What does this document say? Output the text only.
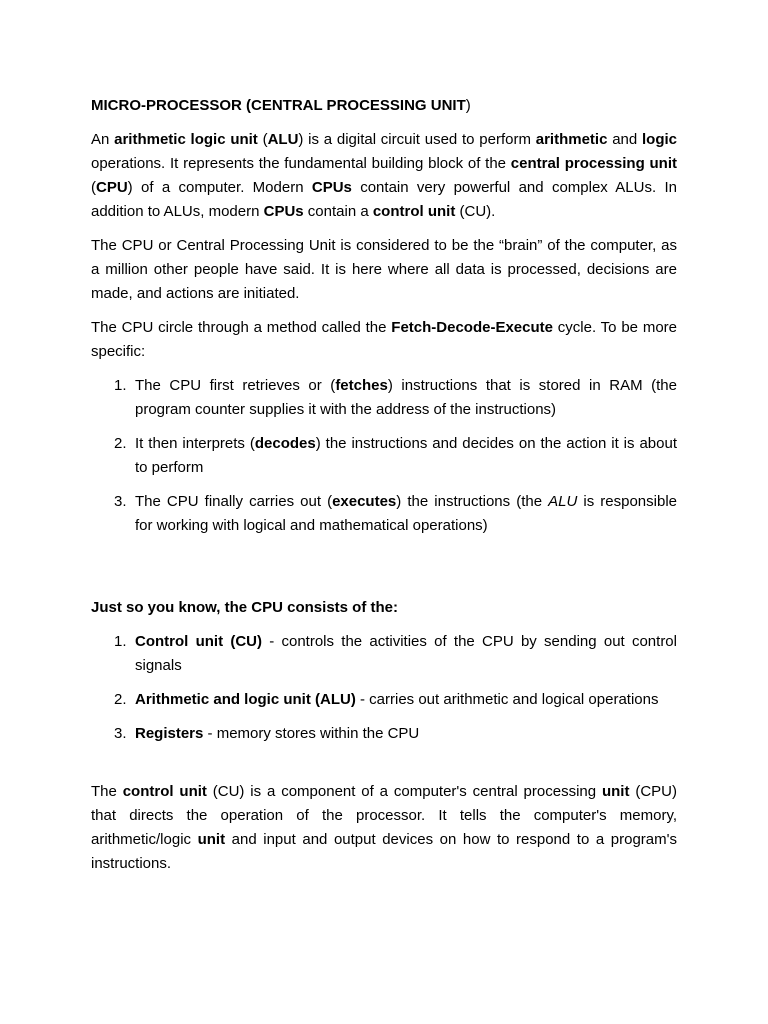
MICRO-PROCESSOR (CENTRAL PROCESSING UNIT)

An arithmetic logic unit (ALU) is a digital circuit used to perform arithmetic and logic operations. It represents the fundamental building block of the central processing unit (CPU) of a computer. Modern CPUs contain very powerful and complex ALUs. In addition to ALUs, modern CPUs contain a control unit (CU).

The CPU or Central Processing Unit is considered to be the “brain” of the computer, as a million other people have said. It is here where all data is processed, decisions are made, and actions are initiated.

The CPU circle through a method called the Fetch-Decode-Execute cycle. To be more specific:

1. The CPU first retrieves or (fetches) instructions that is stored in RAM (the program counter supplies it with the address of the instructions)
2. It then interprets (decodes) the instructions and decides on the action it is about to perform
3. The CPU finally carries out (executes) the instructions (the ALU is responsible for working with logical and mathematical operations)

Just so you know, the CPU consists of the:

1. Control unit (CU) - controls the activities of the CPU by sending out control signals
2. Arithmetic and logic unit (ALU) - carries out arithmetic and logical operations
3. Registers - memory stores within the CPU

The control unit (CU) is a component of a computer's central processing unit (CPU) that directs the operation of the processor. It tells the computer's memory, arithmetic/logic unit and input and output devices on how to respond to a program's instructions.
